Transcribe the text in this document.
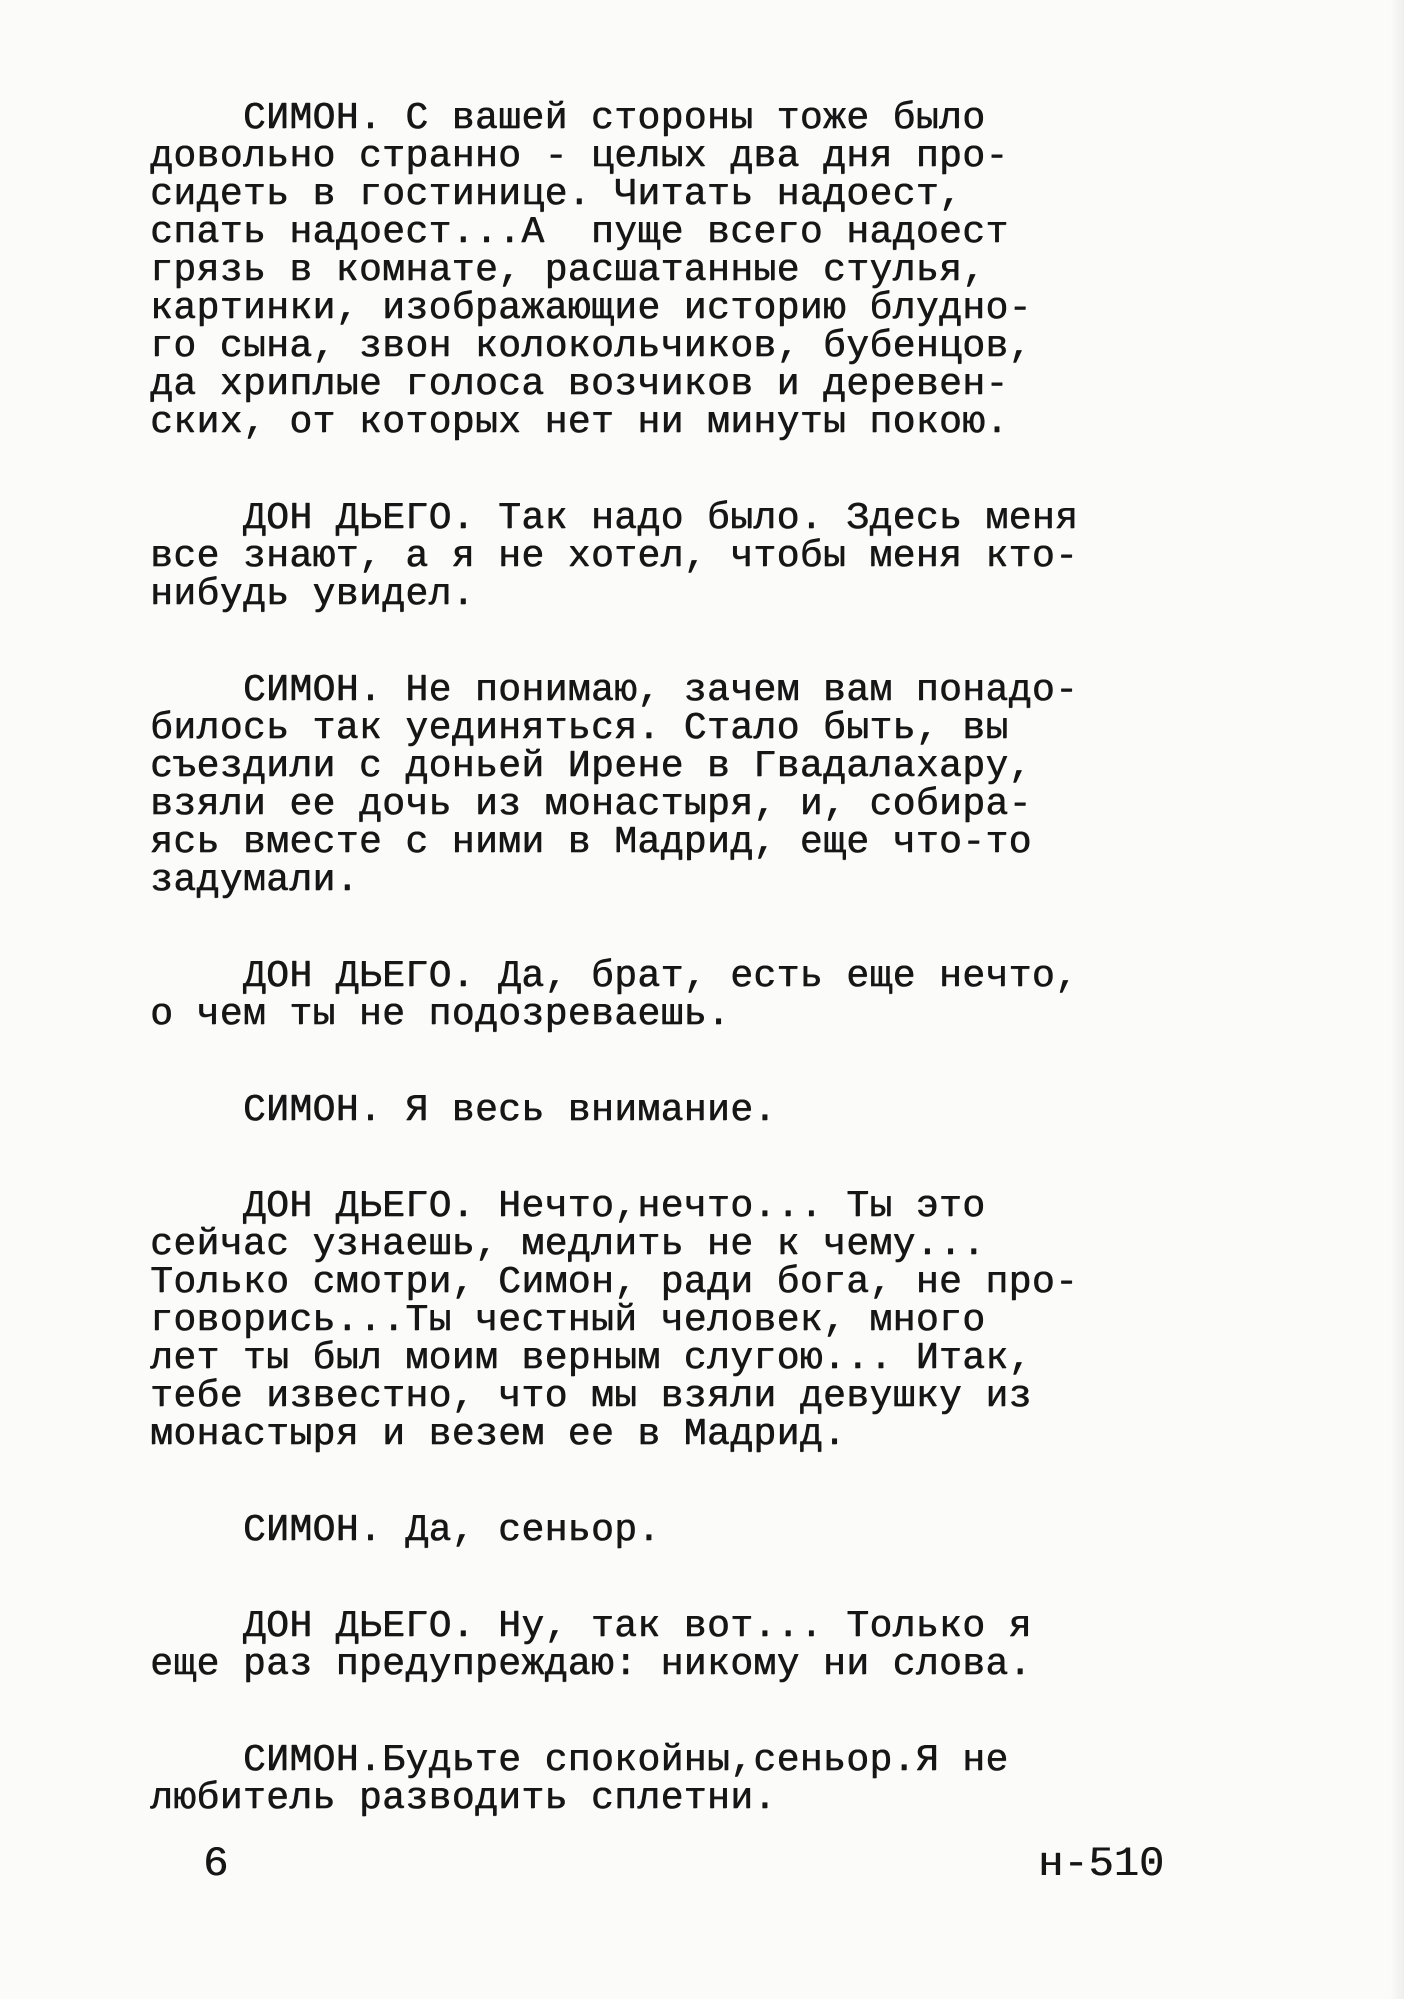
СИМОН. С вашей стороны тоже было
довольно странно - целых два дня про-
сидеть в гостинице. Читать надоест,
спать надоест...А  пуще всего надоест
грязь в комнате, расшатанные стулья,
картинки, изображающие историю блудно-
го сына, звон колокольчиков, бубенцов,
да хриплые голоса возчиков и деревен-
ских, от которых нет ни минуты покою.
ДОН ДЬЕГО. Так надо было. Здесь меня
все знают, а я не хотел, чтобы меня кто-
нибудь увидел.
СИМОН. Не понимаю, зачем вам понадо-
билось так уединяться. Стало быть, вы
съездили с доньей Ирене в Гвадалахару,
взяли ее дочь из монастыря, и, собира-
ясь вместе с ними в Мадрид, еще что-то
задумали.
ДОН ДЬЕГО. Да, брат, есть еще нечто,
о чем ты не подозреваешь.
СИМОН. Я весь внимание.
ДОН ДЬЕГО. Нечто,нечто... Ты это
сейчас узнаешь, медлить не к чему...
Только смотри, Симон, ради бога, не про-
говорись...Ты честный человек, много
лет ты был моим верным слугою... Итак,
тебе известно, что мы взяли девушку из
монастыря и везем ее в Мадрид.
СИМОН. Да, сеньор.
ДОН ДЬЕГО. Ну, так вот... Только я
еще раз предупреждаю: никому ни слова.
СИМОН.Будьте спокойны,сеньор.Я не
любитель разводить сплетни.
6	н-510
